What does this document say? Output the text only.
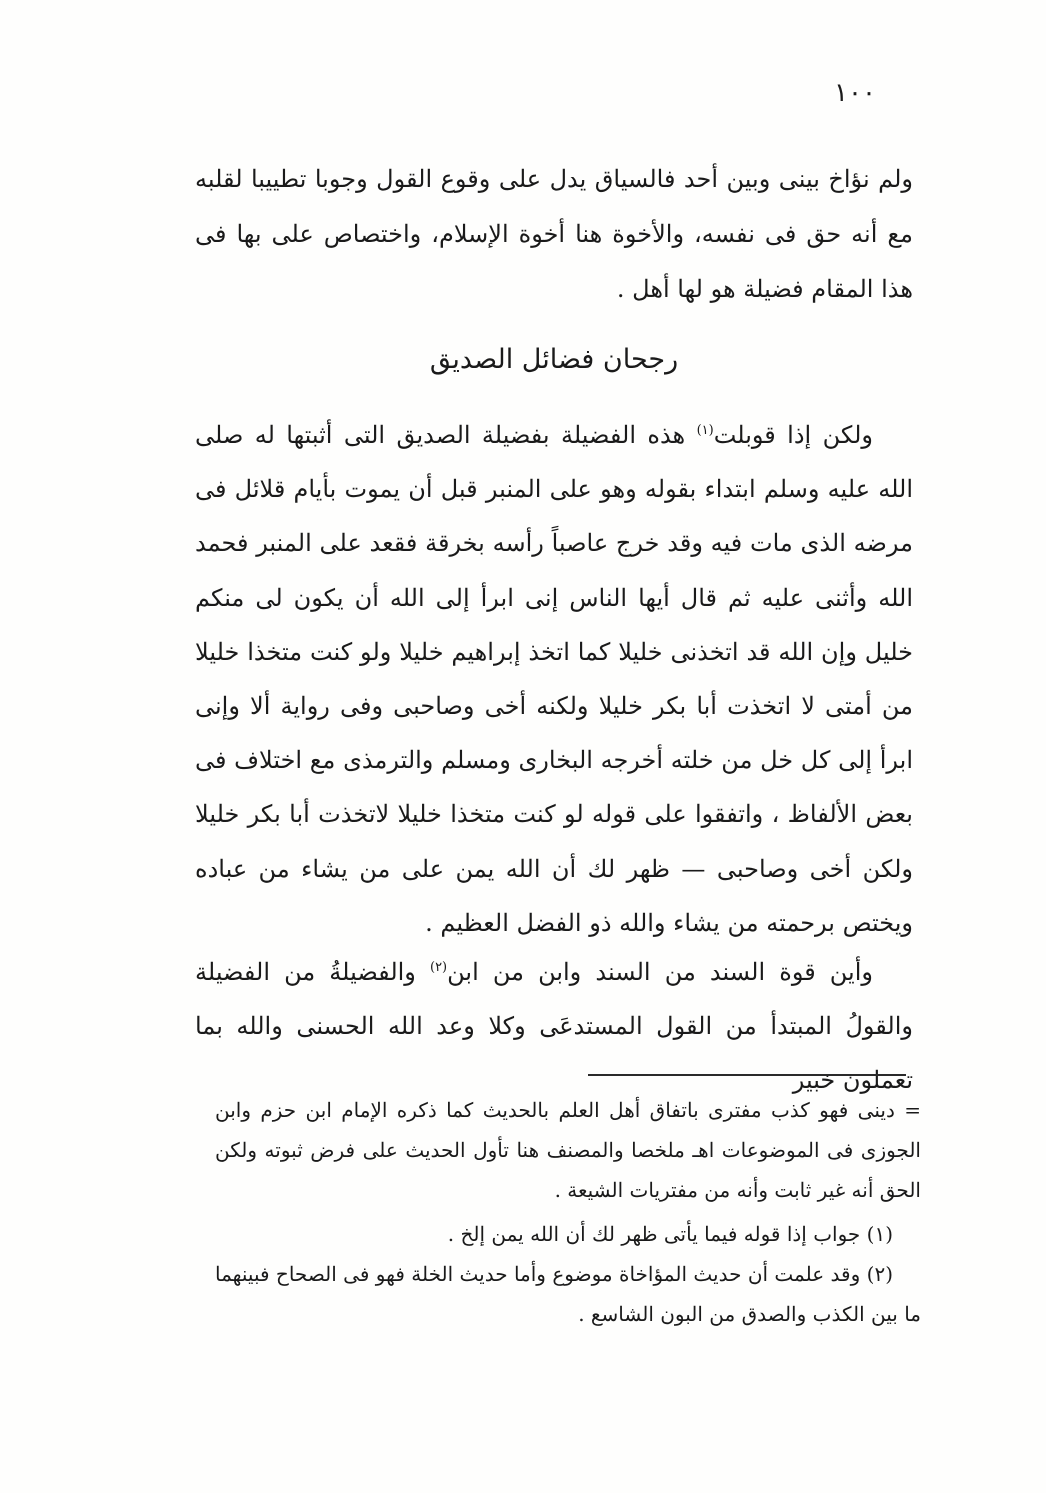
١٠٠

ولم نؤاخ بينى وبين أحد فالسياق يدل على وقوع القول وجوبا تطييبا لقلبه مع أنه حق فى نفسه، والأخوة هنا أخوة الإسلام، واختصاص على بها فى هذا المقام فضيلة هو لها أهل .

رجحان فضائل الصديق

ولكن إذا قوبلت$^{(١)}$ هذه الفضيلة بفضيلة الصديق التى أثبتها له صلى الله عليه وسلم ابتداء بقوله وهو على المنبر قبل أن يموت بأيام قلائل فى مرضه الذى مات فيه وقد خرج عاصباً رأسه بخرقة فقعد على المنبر فحمد الله وأثنى عليه ثم قال أيها الناس إنى ابرأ إلى الله أن يكون لى منكم خليل وإن الله قد اتخذنى خليلا كما اتخذ إبراهيم خليلا ولو كنت متخذا خليلا من أمتى لا اتخذت أبا بكر خليلا ولكنه أخى وصاحبى وفى رواية ألا وإنى ابرأ إلى كل خل من خلته أخرجه البخارى ومسلم والترمذى مع اختلاف فى بعض الألفاظ ، واتفقوا على قوله لو كنت متخذا خليلا لاتخذت أبا بكر خليلا ولكن أخى وصاحبى — ظهر لك أن الله يمن على من يشاء من عباده ويختص برحمته من يشاء والله ذو الفضل العظيم .

وأين قوة السند من السند وابن من ابن$^{(٢)}$ والفضيلةُ من الفضيلة والقولُ المبتدأ من القول المستدعَى وكلا وعد الله الحسنى والله بما تعملون خبير

= دينى فهو كذب مفترى باتفاق أهل العلم بالحديث كما ذكره الإمام ابن حزم وابن الجوزى فى الموضوعات اهـ ملخصا والمصنف هنا تأول الحديث على فرض ثبوته ولكن الحق أنه غير ثابت وأنه من مفتريات الشيعة .

(١) جواب إذا قوله فيما يأتى ظهر لك أن الله يمن إلخ .

(٢) وقد علمت أن حديث المؤاخاة موضوع وأما حديث الخلة فهو فى الصحاح فبينهما ما بين الكذب والصدق من البون الشاسع .
